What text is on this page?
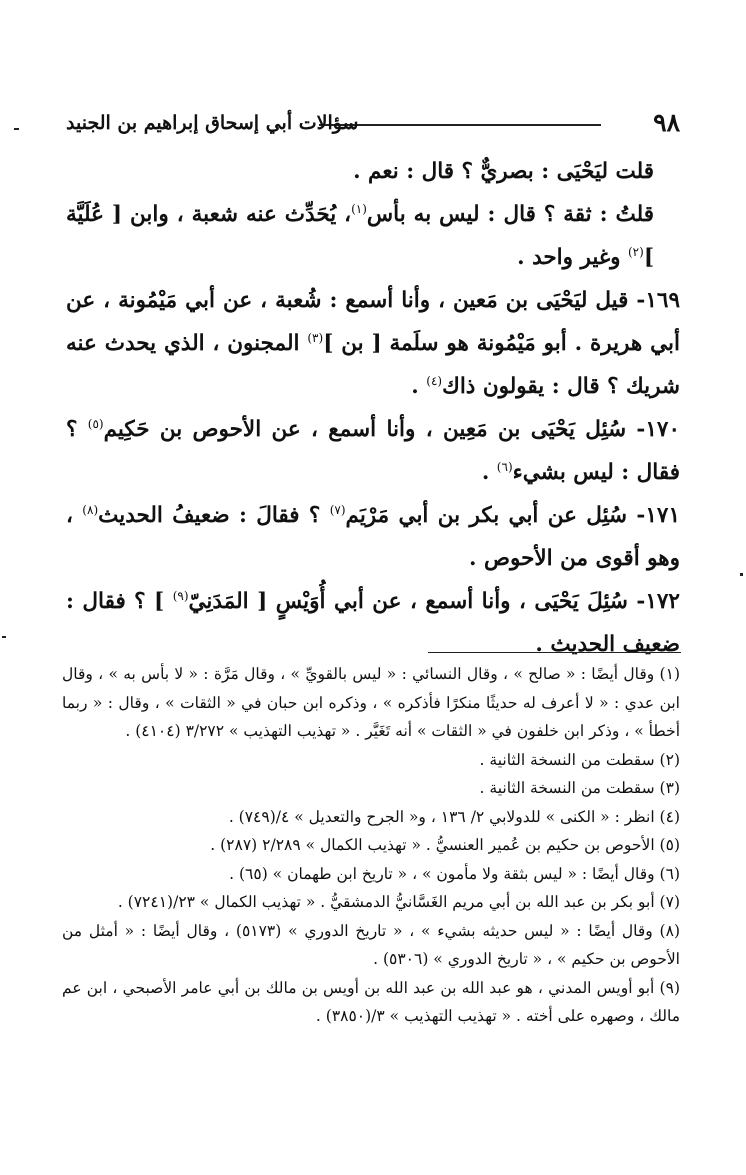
٩٨
سؤالات أبي إسحاق إبراهيم بن الجنيد

قلت ليَحْيَى : بصريٌّ ؟ قال : نعم .

قلتُ : ثقة ؟ قال : ليس به بأس$^{(١)}$، يُحَدِّث عنه شعبة ، وابن [ عُلَيَّة ]$^{(٢)}$ وغير واحد .

١٦٩- قيل ليَحْيَى بن مَعين ، وأنا أسمع : شُعبة ، عن أبي مَيْمُونة ، عن أبي هريرة . أبو مَيْمُونة هو سلَمة [ بن ]$^{(٣)}$ المجنون ، الذي يحدث عنه شريك ؟ قال : يقولون ذاك$^{(٤)}$ .

١٧٠- سُئِل يَحْيَى بن مَعِين ، وأنا أسمع ، عن الأحوص بن حَكِيم$^{(٥)}$ ؟ فقال : ليس بشيء$^{(٦)}$ .

١٧١- سُئِل عن أبي بكر بن أبي مَرْيَم$^{(٧)}$ ؟ فقالَ : ضعيفُ الحديث$^{(٨)}$ ، وهو أقوى من الأحوص .

١٧٢- سُئِلَ يَحْيَى ، وأنا أسمع ، عن أبي أُوَيْسٍ [ المَدَنِيّ$^{(٩)}$ ] ؟ فقال : ضعيف الحديث .

(١) وقال أيضًا : « صالح » ، وقال النسائي : « ليس بالقويِّ » ، وقال مَرَّة : « لا بأس به » ، وقال ابن عدي : « لا أعرف له حديثًا منكرًا فأذكره » ، وذكره ابن حبان في « الثقات » ، وقال : « ربما أخطأ » ، وذكر ابن خلفون في « الثقات » أنه تَغَيَّر . « تهذيب التهذيب » ٣/٢٧٢ (٤١٠٤) .

(٢) سقطت من النسخة الثانية .

(٣) سقطت من النسخة الثانية .

(٤) انظر : « الكنى » للدولابي ٢/ ١٣٦ ، و« الجرح والتعديل » ٤/(٧٤٩) .

(٥) الأحوص بن حكيم بن عُمير العنسيُّ . « تهذيب الكمال » ٢/٢٨٩ (٢٨٧) .

(٦) وقال أيضًا : « ليس بثقة ولا مأمون » ، « تاريخ ابن طهمان » (٦٥) .

(٧) أبو بكر بن عبد الله بن أبي مريم الغَسَّانيُّ الدمشقيُّ . « تهذيب الكمال » ٢٣/(٧٢٤١) .

(٨) وقال أيضًا : « ليس حديثه بشيء » ، « تاريخ الدوري » (٥١٧٣) ، وقال أيضًا : « أمثل من الأحوص بن حكيم » ، « تاريخ الدوري » (٥٣٠٦) .

(٩) أبو أويس المدني ، هو عبد الله بن عبد الله بن أويس بن مالك بن أبي عامر الأصبحي ، ابن عم مالك ، وصهره على أخته . « تهذيب التهذيب » ٣/(٣٨٥٠) .
